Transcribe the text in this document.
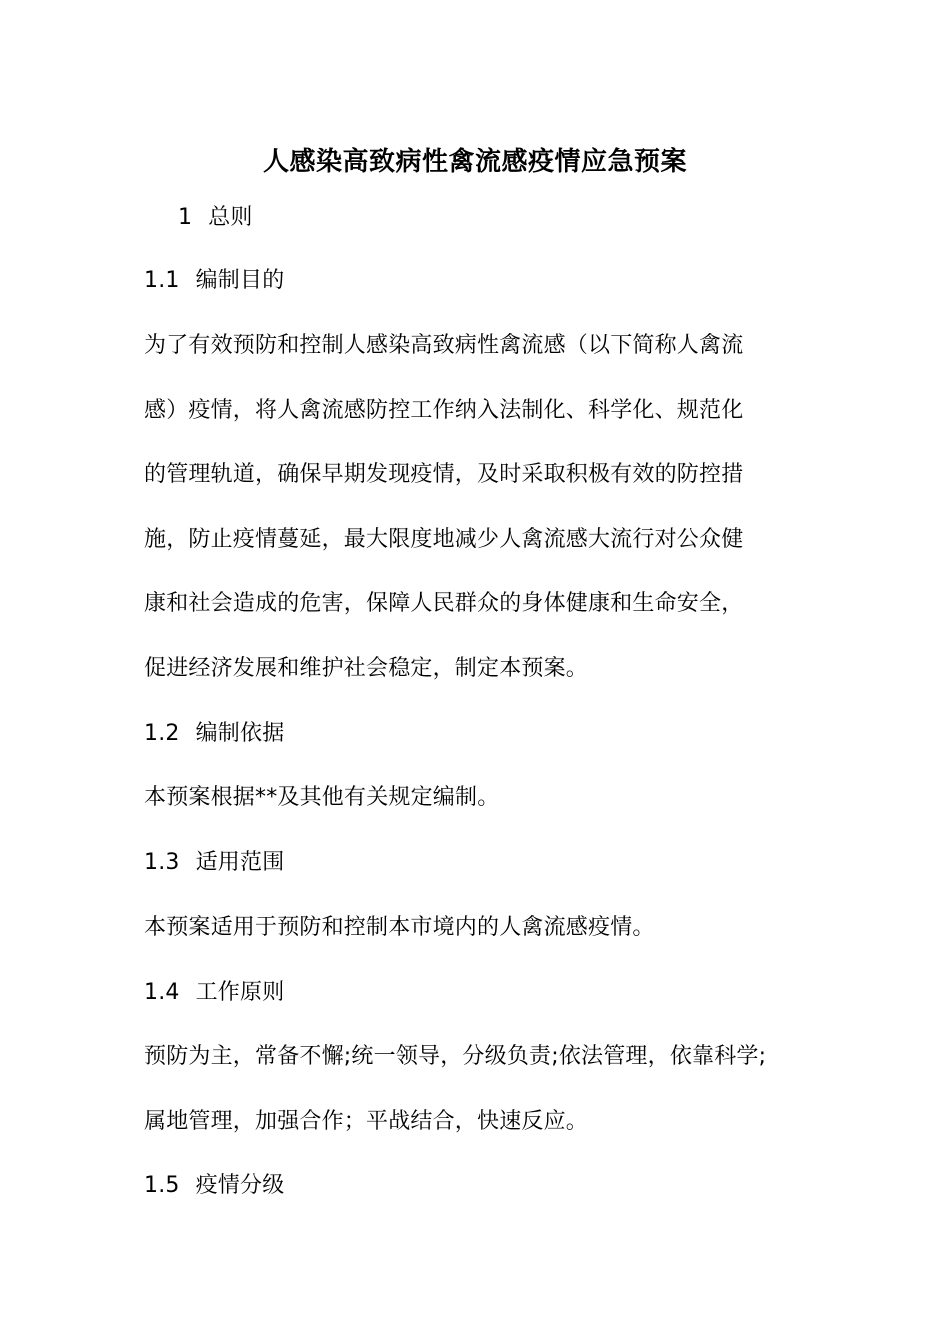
人感染高致病性禽流感疫情应急预案
1 总则
1.1 编制目的
为了有效预防和控制人感染高致病性禽流感（以下简称人禽流
感）疫情，将人禽流感防控工作纳入法制化、科学化、规范化
的管理轨道，确保早期发现疫情，及时采取积极有效的防控措
施，防止疫情蔓延，最大限度地减少人禽流感大流行对公众健
康和社会造成的危害，保障人民群众的身体健康和生命安全，
促进经济发展和维护社会稳定，制定本预案。
1.2 编制依据
本预案根据**及其他有关规定编制。
1.3 适用范围
本预案适用于预防和控制本市境内的人禽流感疫情。
1.4 工作原则
预防为主，常备不懈;统一领导，分级负责;依法管理，依靠科学;
属地管理，加强合作；平战结合，快速反应。
1.5 疫情分级
